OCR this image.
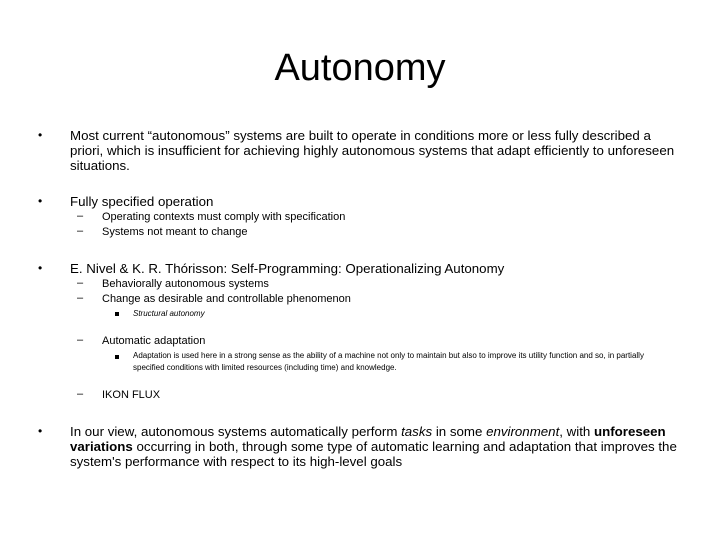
Autonomy
• Most current “autonomous” systems are built to operate in conditions more or less fully described a priori, which is insufficient for achieving highly autonomous systems that adapt efficiently to unforeseen situations.
• Fully specified operation
– Operating contexts must comply with specification
– Systems not meant to change
• E. Nivel & K. R. Thórisson: Self-Programming: Operationalizing Autonomy
– Behaviorally autonomous systems
– Change as desirable and controllable phenomenon
Structural autonomy
– Automatic adaptation
Adaptation is used here in a strong sense as the ability of a machine not only to maintain but also to improve its utility function and so, in partially specified conditions with limited resources (including time) and knowledge.
– IKON FLUX
• In our view, autonomous systems automatically perform tasks in some environment, with unforeseen variations occurring in both, through some type of automatic learning and adaptation that improves the system's performance with respect to its high-level goals
